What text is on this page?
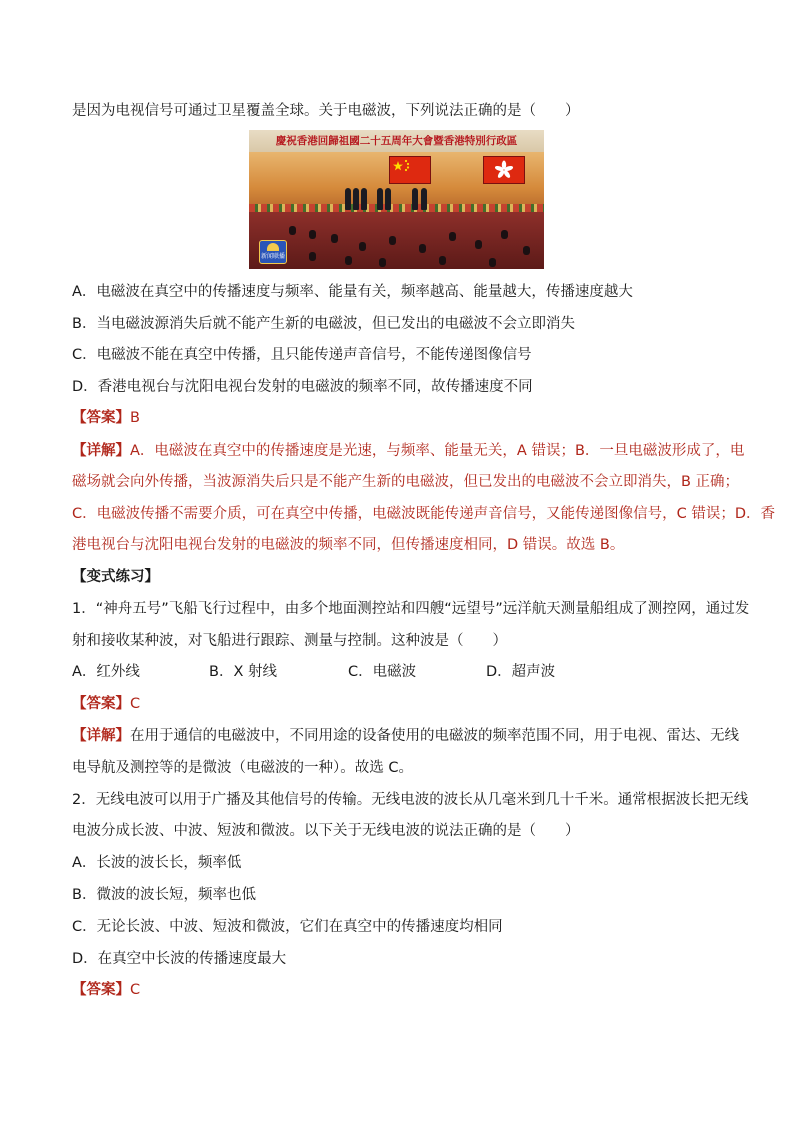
是因为电视信号可通过卫星覆盖全球。关于电磁波，下列说法正确的是（　　）
慶祝香港回歸祖國二十五周年大會暨香港特別行政區
新闻联播
A．电磁波在真空中的传播速度与频率、能量有关，频率越高、能量越大，传播速度越大
B．当电磁波源消失后就不能产生新的电磁波，但已发出的电磁波不会立即消失
C．电磁波不能在真空中传播，且只能传递声音信号，不能传递图像信号
D．香港电视台与沈阳电视台发射的电磁波的频率不同，故传播速度不同
【答案】B
【详解】A．电磁波在真空中的传播速度是光速，与频率、能量无关，A 错误；B．一旦电磁波形成了，电
磁场就会向外传播，当波源消失后只是不能产生新的电磁波，但已发出的电磁波不会立即消失，B 正确；
C．电磁波传播不需要介质，可在真空中传播，电磁波既能传递声音信号，又能传递图像信号，C 错误；D．香
港电视台与沈阳电视台发射的电磁波的频率不同，但传播速度相同，D 错误。故选 B。
【变式练习】
1．“神舟五号”飞船飞行过程中，由多个地面测控站和四艘“远望号”远洋航天测量船组成了测控网，通过发
射和接收某种波，对飞船进行跟踪、测量与控制。这种波是（　　）
A．红外线	B．X 射线	C．电磁波	D．超声波
【答案】C
【详解】在用于通信的电磁波中，不同用途的设备使用的电磁波的频率范围不同，用于电视、雷达、无线
电导航及测控等的是微波（电磁波的一种）。故选 C。
2．无线电波可以用于广播及其他信号的传输。无线电波的波长从几毫米到几十千米。通常根据波长把无线
电波分成长波、中波、短波和微波。以下关于无线电波的说法正确的是（　　）
A．长波的波长长，频率低
B．微波的波长短，频率也低
C．无论长波、中波、短波和微波，它们在真空中的传播速度均相同
D．在真空中长波的传播速度最大
【答案】C
